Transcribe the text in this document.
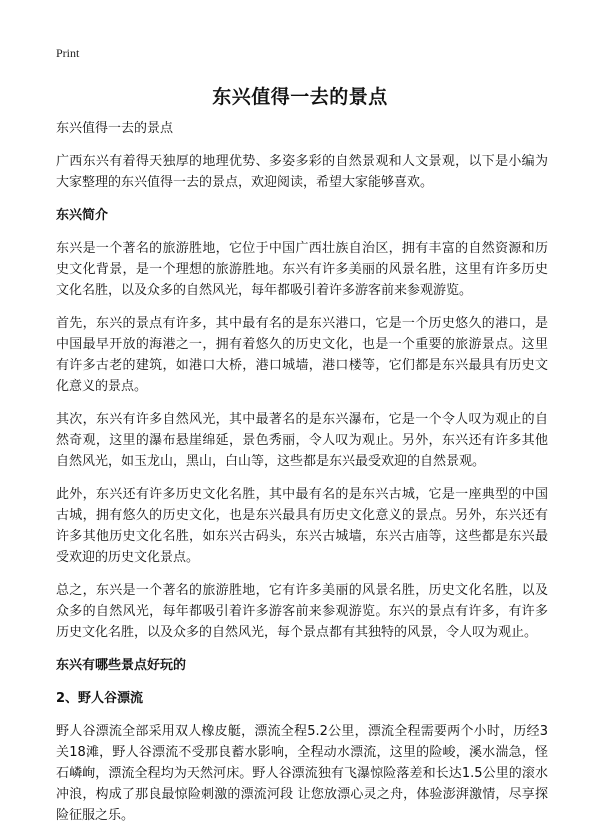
Print
东兴值得一去的景点

东兴值得一去的景点

广西东兴有着得天独厚的地理优势、多姿多彩的自然景观和人文景观，以下是小编为大家整理的东兴值得一去的景点，欢迎阅读，希望大家能够喜欢。

东兴简介

东兴是一个著名的旅游胜地，它位于中国广西壮族自治区，拥有丰富的自然资源和历史文化背景，是一个理想的旅游胜地。东兴有许多美丽的风景名胜，这里有许多历史文化名胜，以及众多的自然风光，每年都吸引着许多游客前来参观游览。

首先，东兴的景点有许多，其中最有名的是东兴港口，它是一个历史悠久的港口，是中国最早开放的海港之一，拥有着悠久的历史文化，也是一个重要的旅游景点。这里有许多古老的建筑，如港口大桥，港口城墙，港口楼等，它们都是东兴最具有历史文化意义的景点。

其次，东兴有许多自然风光，其中最著名的是东兴瀑布，它是一个令人叹为观止的自然奇观，这里的瀑布悬崖绵延，景色秀丽，令人叹为观止。另外，东兴还有许多其他自然风光，如玉龙山，黑山，白山等，这些都是东兴最受欢迎的自然景观。

此外，东兴还有许多历史文化名胜，其中最有名的是东兴古城，它是一座典型的中国古城，拥有悠久的历史文化，也是东兴最具有历史文化意义的景点。另外，东兴还有许多其他历史文化名胜，如东兴古码头，东兴古城墙，东兴古庙等，这些都是东兴最受欢迎的历史文化景点。

总之，东兴是一个著名的旅游胜地，它有许多美丽的风景名胜，历史文化名胜，以及众多的自然风光，每年都吸引着许多游客前来参观游览。东兴的景点有许多，有许多历史文化名胜，以及众多的自然风光，每个景点都有其独特的风景，令人叹为观止。

东兴有哪些景点好玩的
2、野人谷漂流

野人谷漂流全部采用双人橡皮艇，漂流全程5.2公里，漂流全程需要两个小时，历经3关18滩，野人谷漂流不受那良蓄水影响，全程动水漂流，这里的险峻，溪水湍急，怪石嶙峋，漂流全程均为天然河床。野人谷漂流独有飞瀑惊险落差和长达1.5公里的滚水冲浪，构成了那良最惊险刺激的漂流河段 让您放漂心灵之舟，体验澎湃激情，尽享探险征服之乐。
